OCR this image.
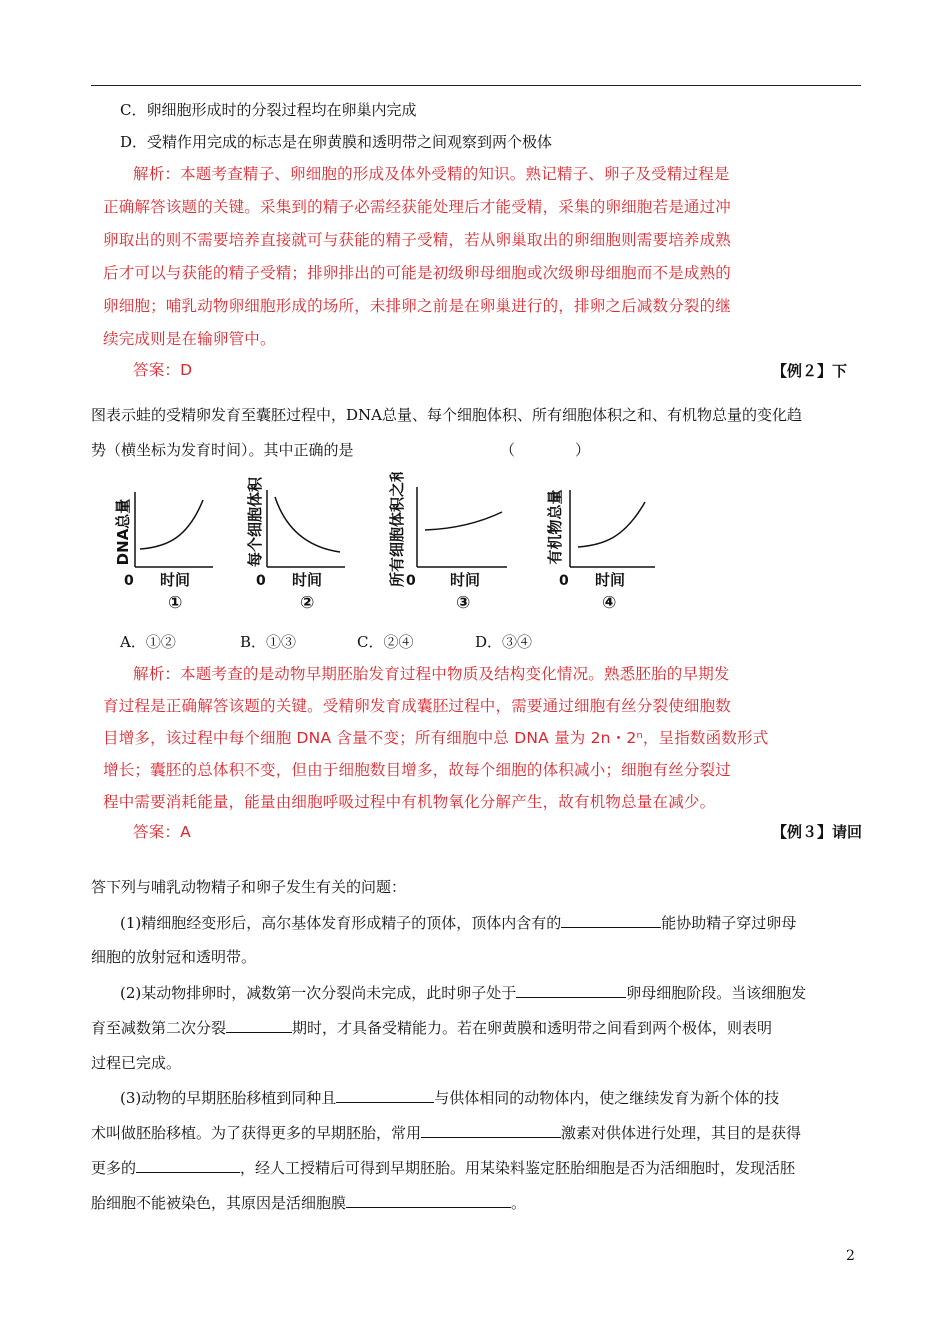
C．卵细胞形成时的分裂过程均在卵巢内完成
D．受精作用完成的标志是在卵黄膜和透明带之间观察到两个极体
解析：本题考查精子、卵细胞的形成及体外受精的知识。熟记精子、卵子及受精过程是
正确解答该题的关键。采集到的精子必需经获能处理后才能受精，采集的卵细胞若是通过冲
卵取出的则不需要培养直接就可与获能的精子受精，若从卵巢取出的卵细胞则需要培养成熟
后才可以与获能的精子受精；排卵排出的可能是初级卵母细胞或次级卵母细胞而不是成熟的
卵细胞；哺乳动物卵细胞形成的场所，未排卵之前是在卵巢进行的，排卵之后减数分裂的继
续完成则是在输卵管中。
答案：D	【例２】下
图表示蛙的受精卵发育至囊胚过程中，DNA总量、每个细胞体积、所有细胞体积之和、有机物总量的变化趋
势（横坐标为发育时间）。其中正确的是	（　　　　）
DNA总量
0 时间
①
每个细胞体积
0 时间
②
所有细胞体积之和 0 时间
③
有机物总量
0 时间
④
A．①②	B．①③	C．②④	D．③④
解析：本题考查的是动物早期胚胎发育过程中物质及结构变化情况。熟悉胚胎的早期发
育过程是正确解答该题的关键。受精卵发育成囊胚过程中，需要通过细胞有丝分裂使细胞数
目增多，该过程中每个细胞 DNA 含量不变；所有细胞中总 DNA 量为 2n・2ⁿ，呈指数函数形式
增长；囊胚的总体积不变，但由于细胞数目增多，故每个细胞的体积减小；细胞有丝分裂过
程中需要消耗能量，能量由细胞呼吸过程中有机物氧化分解产生，故有机物总量在减少。
答案：A	【例３】请回
答下列与哺乳动物精子和卵子发生有关的问题：
(1)精细胞经变形后，高尔基体发育形成精子的顶体，顶体内含有的	能协助精子穿过卵母
细胞的放射冠和透明带。
(2)某动物排卵时，减数第一次分裂尚未完成，此时卵子处于	卵母细胞阶段。当该细胞发
育至减数第二次分裂	期时，才具备受精能力。若在卵黄膜和透明带之间看到两个极体，则表明
过程已完成。
(3)动物的早期胚胎移植到同种且	与供体相同的动物体内，使之继续发育为新个体的技
术叫做胚胎移植。为了获得更多的早期胚胎，常用	激素对供体进行处理，其目的是获得
更多的	，经人工授精后可得到早期胚胎。用某染料鉴定胚胎细胞是否为活细胞时，发现活胚
胎细胞不能被染色，其原因是活细胞膜	。
2
